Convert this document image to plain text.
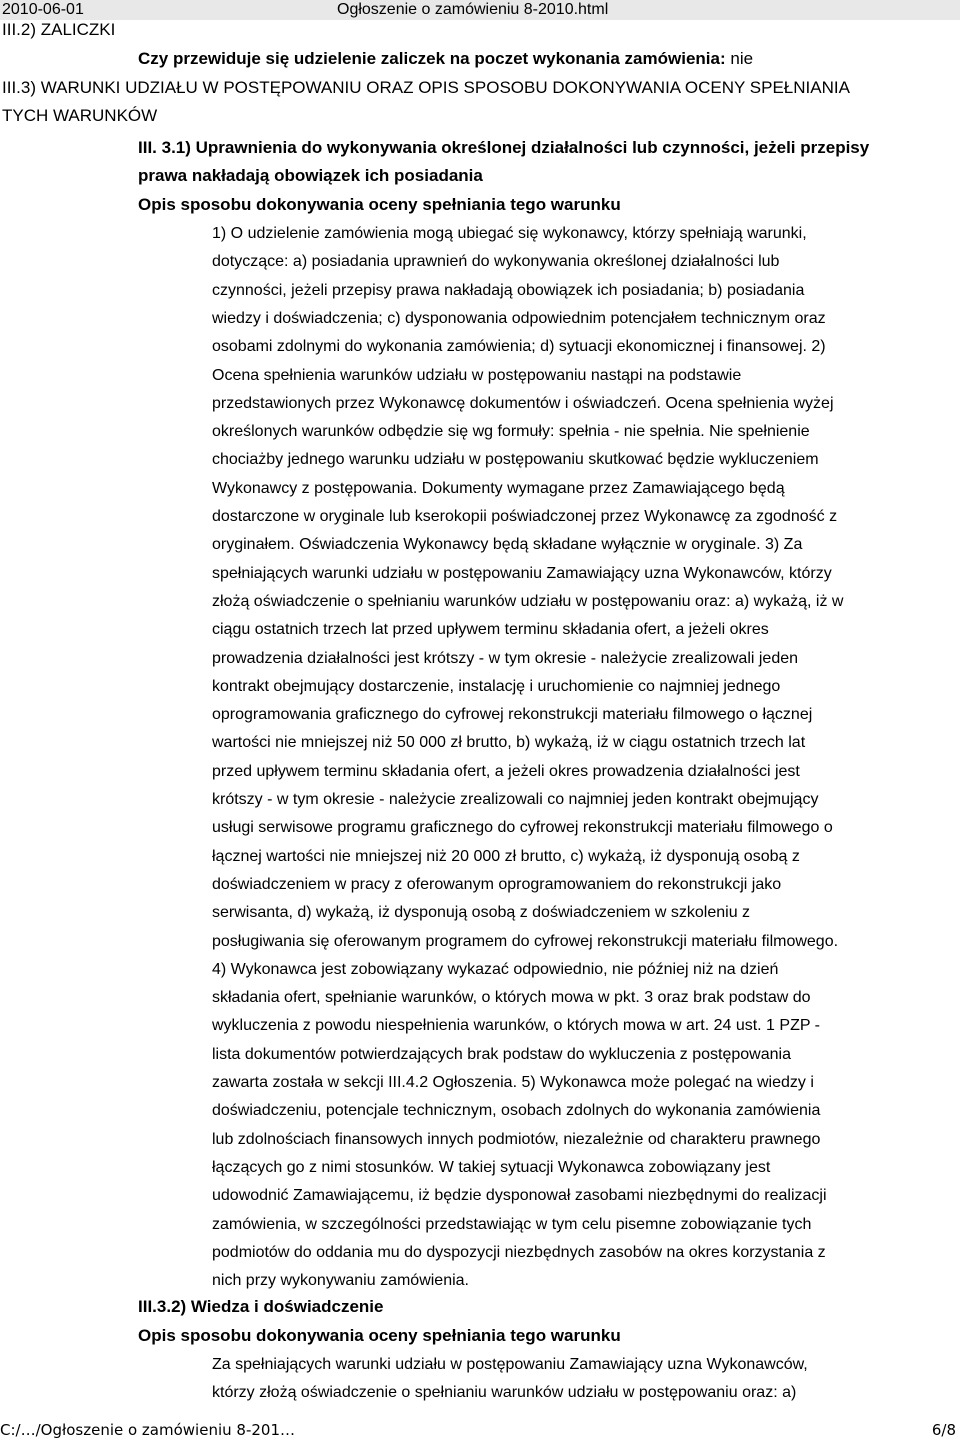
2010-06-01	Ogłoszenie o zamówieniu 8-2010.html
III.2) ZALICZKI
Czy przewiduje się udzielenie zaliczek na poczet wykonania zamówienia: nie
III.3) WARUNKI UDZIAŁU W POSTĘPOWANIU ORAZ OPIS SPOSOBU DOKONYWANIA OCENY SPEŁNIANIA
TYCH WARUNKÓW
III. 3.1) Uprawnienia do wykonywania określonej działalności lub czynności, jeżeli przepisy
prawa nakładają obowiązek ich posiadania
Opis sposobu dokonywania oceny spełniania tego warunku
1) O udzielenie zamówienia mogą ubiegać się wykonawcy, którzy spełniają warunki,
dotyczące: a) posiadania uprawnień do wykonywania określonej działalności lub
czynności, jeżeli przepisy prawa nakładają obowiązek ich posiadania; b) posiadania
wiedzy i doświadczenia; c) dysponowania odpowiednim potencjałem technicznym oraz
osobami zdolnymi do wykonania zamówienia; d) sytuacji ekonomicznej i finansowej. 2)
Ocena spełnienia warunków udziału w postępowaniu nastąpi na podstawie
przedstawionych przez Wykonawcę dokumentów i oświadczeń. Ocena spełnienia wyżej
określonych warunków odbędzie się wg formuły: spełnia - nie spełnia. Nie spełnienie
chociażby jednego warunku udziału w postępowaniu skutkować będzie wykluczeniem
Wykonawcy z postępowania. Dokumenty wymagane przez Zamawiającego będą
dostarczone w oryginale lub kserokopii poświadczonej przez Wykonawcę za zgodność z
oryginałem. Oświadczenia Wykonawcy będą składane wyłącznie w oryginale. 3) Za
spełniających warunki udziału w postępowaniu Zamawiający uzna Wykonawców, którzy
złożą oświadczenie o spełnianiu warunków udziału w postępowaniu oraz: a) wykażą, iż w
ciągu ostatnich trzech lat przed upływem terminu składania ofert, a jeżeli okres
prowadzenia działalności jest krótszy - w tym okresie - należycie zrealizowali jeden
kontrakt obejmujący dostarczenie, instalację i uruchomienie co najmniej jednego
oprogramowania graficznego do cyfrowej rekonstrukcji materiału filmowego o łącznej
wartości nie mniejszej niż 50 000 zł brutto, b) wykażą, iż w ciągu ostatnich trzech lat
przed upływem terminu składania ofert, a jeżeli okres prowadzenia działalności jest
krótszy - w tym okresie - należycie zrealizowali co najmniej jeden kontrakt obejmujący
usługi serwisowe programu graficznego do cyfrowej rekonstrukcji materiału filmowego o
łącznej wartości nie mniejszej niż 20 000 zł brutto, c) wykażą, iż dysponują osobą z
doświadczeniem w pracy z oferowanym oprogramowaniem do rekonstrukcji jako
serwisanta, d) wykażą, iż dysponują osobą z doświadczeniem w szkoleniu z
posługiwania się oferowanym programem do cyfrowej rekonstrukcji materiału filmowego.
4) Wykonawca jest zobowiązany wykazać odpowiednio, nie później niż na dzień
składania ofert, spełnianie warunków, o których mowa w pkt. 3 oraz brak podstaw do
wykluczenia z powodu niespełnienia warunków, o których mowa w art. 24 ust. 1 PZP -
lista dokumentów potwierdzających brak podstaw do wykluczenia z postępowania
zawarta została w sekcji III.4.2 Ogłoszenia. 5) Wykonawca może polegać na wiedzy i
doświadczeniu, potencjale technicznym, osobach zdolnych do wykonania zamówienia
lub zdolnościach finansowych innych podmiotów, niezależnie od charakteru prawnego
łączących go z nimi stosunków. W takiej sytuacji Wykonawca zobowiązany jest
udowodnić Zamawiającemu, iż będzie dysponował zasobami niezbędnymi do realizacji
zamówienia, w szczególności przedstawiając w tym celu pisemne zobowiązanie tych
podmiotów do oddania mu do dyspozycji niezbędnych zasobów na okres korzystania z
nich przy wykonywaniu zamówienia.
III.3.2) Wiedza i doświadczenie
Opis sposobu dokonywania oceny spełniania tego warunku
Za spełniających warunki udziału w postępowaniu Zamawiający uzna Wykonawców,
którzy złożą oświadczenie o spełnianiu warunków udziału w postępowaniu oraz: a)
C:/…/Ogłoszenie o zamówieniu 8-201…	6/8
